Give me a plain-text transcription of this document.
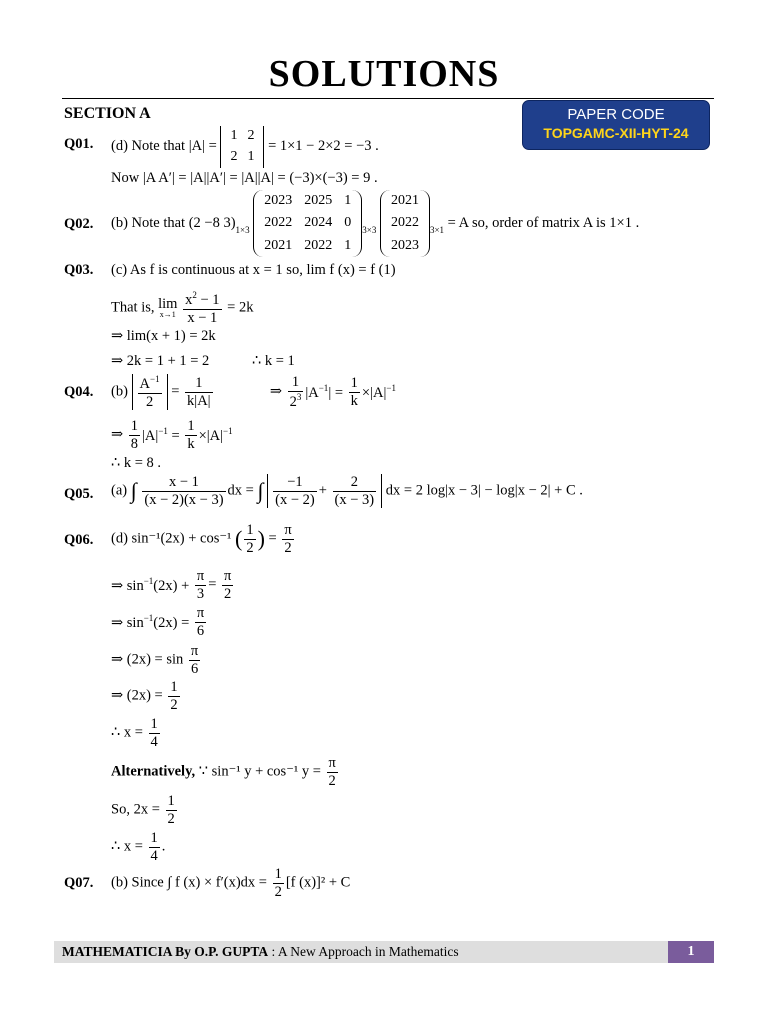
SOLUTIONS
SECTION A	PAPER CODE
TOPGAMC-XII-HYT-24
Q01. (d) Note that |A| =
1	2
2	1
= 1×1 − 2×2 = −3 .
Now |A A′| = |A||A′| = |A||A| = (−3)×(−3) = 9 .
Q02. (b) Note that (2 −8 $3)_{1\times 3}$
2023	2025	1
2022	2024	0
2021	2022	1
$_{3\times 3}$
2021
2022
2023
$_{3\times 1}$ = A so, order of matrix A is 1×1 .
Q03. (c) As f is continuous at x = 1 so, lim f (x) = f (1)
That is, lim
x→1
$\frac{x^2 - 1}{x - 1} = 2k$
⇒ lim(x + 1) = 2k
⇒ 2k = 1 + 1 = 2	∴ k = 1
Q04. $(b) \frac{A^{-1}}{2} = \frac{1}{k|A|}$	⇒ $\frac{1}{2^3} |A^{-1}| = \frac{1}{k} \times|A|^{-1}$
⇒ $\frac{1}{8} |A|^{-1} = \frac{1}{k} \times|A|^{-1}$
∴ k = 8 .
Q05. (a) ∫ $\frac{x - 1}{(x - 2)(x - 3)}$ dx = ∫ $\frac{-1}{(x - 2)} + \frac{2}{(x - 3)}$ dx = 2 log|x − 3| − log|x − 2| + C .
Q06. (d) sin⁻¹(2x) + cos⁻¹ ( $\frac{1}{2}$ ) = $\frac{\pi}{2}$
⇒ $\sin^{-1}(2x) + \frac{\pi}{3} = \frac{\pi}{2}$
⇒ $\sin^{-1}(2x) = \frac{\pi}{6}$
⇒ $(2x) = \sin \frac{\pi}{6}$
⇒ $(2x) = \frac{1}{2}$
∴ $x = \frac{1}{4}$
Alternatively, ∵ sin⁻¹ y + cos⁻¹ $y = \frac{\pi}{2}$
So, $2x = \frac{1}{2}$
∴ $x = \frac{1}{4}$ .
Q07. (b) Since ∫ f $(x) \times f'(x)dx = \frac{1}{2} [f$ (x)]² + C
MATHEMATICIA By O.P. GUPTA : A New Approach in Mathematics	1
